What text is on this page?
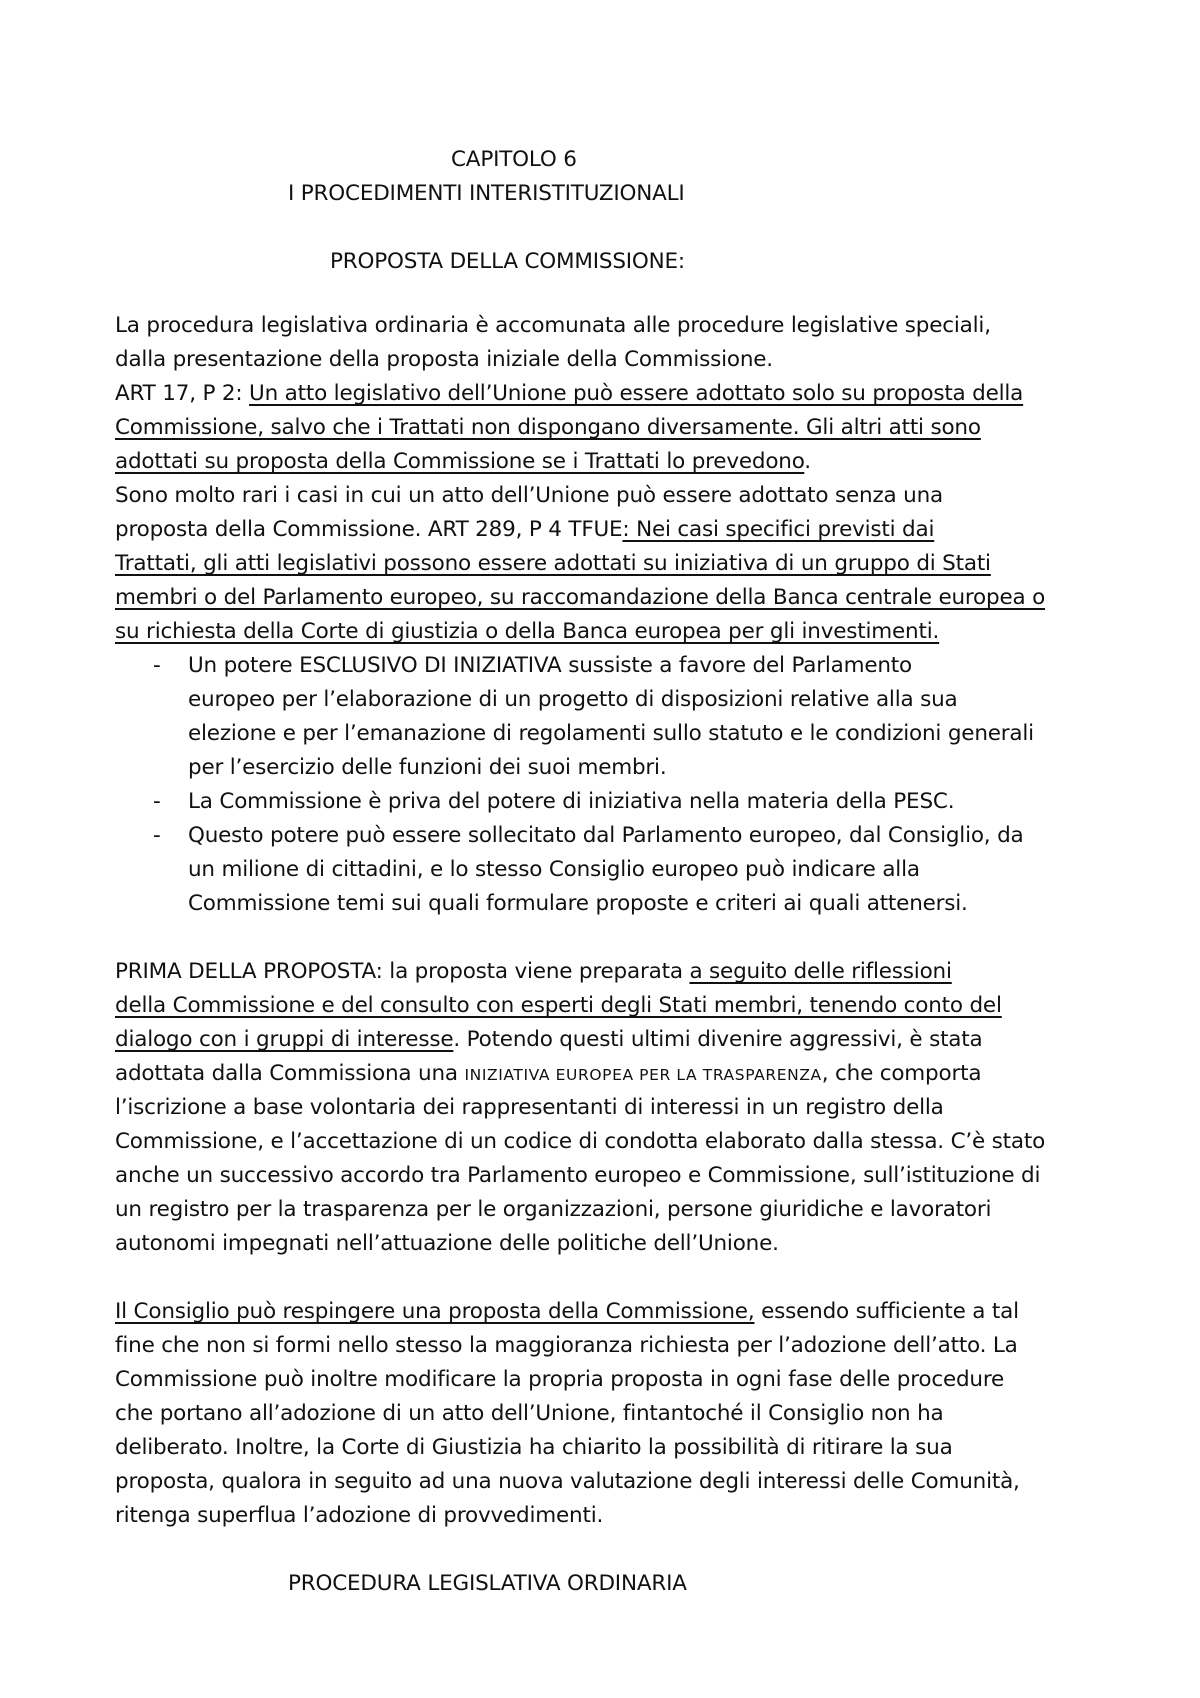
CAPITOLO 6
I PROCEDIMENTI INTERISTITUZIONALI
PROPOSTA DELLA COMMISSIONE:
La procedura legislativa ordinaria è accomunata alle procedure legislative speciali,
dalla presentazione della proposta iniziale della Commissione.
ART 17, P 2: Un atto legislativo dell’Unione può essere adottato solo su proposta della
Commissione, salvo che i Trattati non dispongano diversamente. Gli altri atti sono
adottati su proposta della Commissione se i Trattati lo prevedono.
Sono molto rari i casi in cui un atto dell’Unione può essere adottato senza una
proposta della Commissione. ART 289, P 4 TFUE: Nei casi specifici previsti dai
Trattati, gli atti legislativi possono essere adottati su iniziativa di un gruppo di Stati
membri o del Parlamento europeo, su raccomandazione della Banca centrale europea o
su richiesta della Corte di giustizia o della Banca europea per gli investimenti.
- Un potere ESCLUSIVO DI INIZIATIVA sussiste a favore del Parlamento
europeo per l’elaborazione di un progetto di disposizioni relative alla sua
elezione e per l’emanazione di regolamenti sullo statuto e le condizioni generali
per l’esercizio delle funzioni dei suoi membri.
- La Commissione è priva del potere di iniziativa nella materia della PESC.
- Questo potere può essere sollecitato dal Parlamento europeo, dal Consiglio, da
un milione di cittadini, e lo stesso Consiglio europeo può indicare alla
Commissione temi sui quali formulare proposte e criteri ai quali attenersi.
PRIMA DELLA PROPOSTA: la proposta viene preparata a seguito delle riflessioni
della Commissione e del consulto con esperti degli Stati membri, tenendo conto del
dialogo con i gruppi di interesse. Potendo questi ultimi divenire aggressivi, è stata
adottata dalla Commissiona una INIZIATIVA EUROPEA PER LA TRASPARENZA, che comporta
l’iscrizione a base volontaria dei rappresentanti di interessi in un registro della
Commissione, e l’accettazione di un codice di condotta elaborato dalla stessa. C’è stato
anche un successivo accordo tra Parlamento europeo e Commissione, sull’istituzione di
un registro per la trasparenza per le organizzazioni, persone giuridiche e lavoratori
autonomi impegnati nell’attuazione delle politiche dell’Unione.
Il Consiglio può respingere una proposta della Commissione, essendo sufficiente a tal
fine che non si formi nello stesso la maggioranza richiesta per l’adozione dell’atto. La
Commissione può inoltre modificare la propria proposta in ogni fase delle procedure
che portano all’adozione di un atto dell’Unione, fintantoché il Consiglio non ha
deliberato. Inoltre, la Corte di Giustizia ha chiarito la possibilità di ritirare la sua
proposta, qualora in seguito ad una nuova valutazione degli interessi delle Comunità,
ritenga superflua l’adozione di provvedimenti.
PROCEDURA LEGISLATIVA ORDINARIA
